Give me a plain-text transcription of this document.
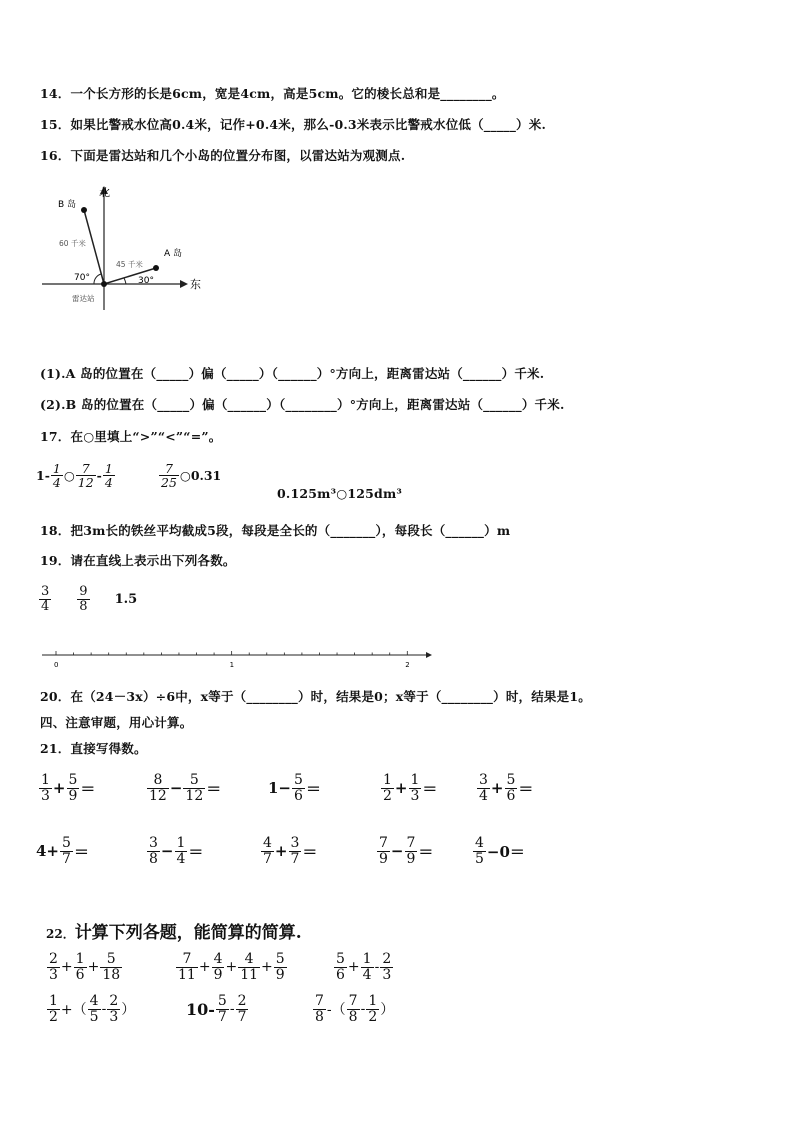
14．一个长方形的长是6cm，宽是4cm，高是5cm。它的棱长总和是________。
15．如果比警戒水位高0.4米，记作+0.4米，那么-0.3米表示比警戒水位低（_____）米.
16．下面是雷达站和几个小岛的位置分布图，以雷达站为观测点.
北
东
B 岛
A 岛
60 千米
45 千米
30°
70°
雷达站
(1).A 岛的位置在（_____）偏（_____）（______）°方向上，距离雷达站（______）千米.
(2).B 岛的位置在（_____）偏（______）（________）°方向上，距离雷达站（______）千米.
17．在○里填上“>”“<”“=”。
$1- \frac{1}{4}$ ○ $\frac{7}{12} - \frac{1}{4}$	$\frac{7}{25}$ ○0.31
0.125m³○125dm³
18．把3m长的铁丝平均截成5段，每段是全长的（_______），每段长（______）m
19．请在直线上表示出下列各数。
$\frac{3}{4} \frac{9}{8} 1.5$
0	1	2
20．在（24－3x）÷6中，x等于（________）时，结果是0；x等于（________）时，结果是1。
四、注意审题，用心计算。
21．直接写得数。
$\frac{1}{3} + \frac{5}{9}$ ＝	$\frac{8}{12} - \frac{5}{12}$ ＝	$1- \frac{5}{6}$ ＝	$\frac{1}{2} + \frac{1}{3}$ ＝	$\frac{3}{4} + \frac{5}{6}$ ＝
$4+ \frac{5}{7}$ ＝	$\frac{3}{8} - \frac{1}{4}$ ＝	$\frac{4}{7} + \frac{3}{7}$ ＝	$\frac{7}{9} - \frac{7}{9}$ ＝	$\frac{4}{5} -0=$
22． 计算下列各题，能简算的简算.
$\frac{2}{3} + \frac{1}{6} + \frac{5}{18}$	$\frac{7}{11} + \frac{4}{9} + \frac{4}{11} + \frac{5}{9}$	$\frac{5}{6} + \frac{1}{4} - \frac{2}{3}$
$\frac{1}{2}$ +（ $\frac{4}{5} - \frac{2}{3}$ ）	$10- \frac{5}{7} - \frac{2}{7}$	$\frac{7}{8}$ -（ $\frac{7}{8} - \frac{1}{2}$ ）
